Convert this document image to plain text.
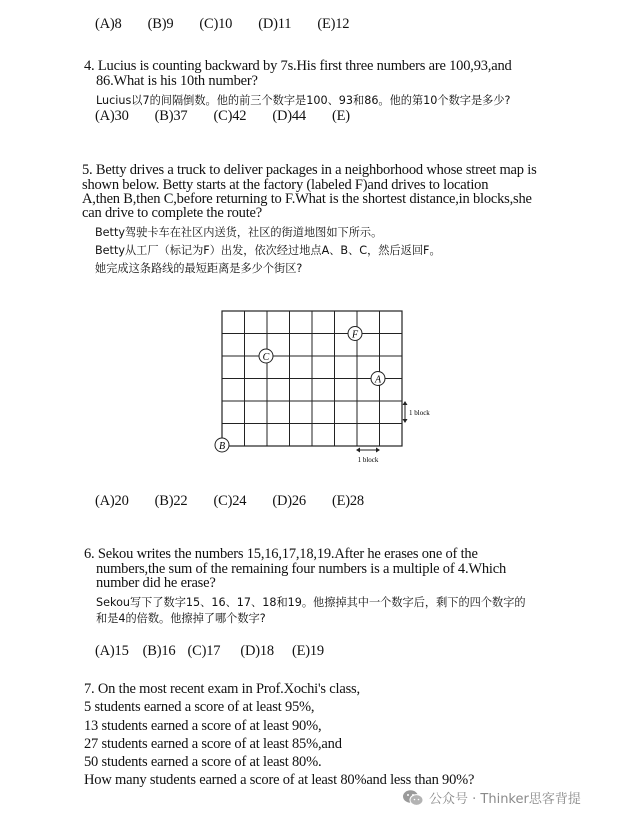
(A)8 (B)9 (C)10 (D)11 (E)12
4. Lucius is counting backward by 7s.His first three numbers are 100,93,and
86.What is his 10th number?
Lucius以7的间隔倒数。他的前三个数字是100、93和86。他的第10个数字是多少?
(A)30 (B)37 (C)42 (D)44 (E)
5. Betty drives a truck to deliver packages in a neighborhood whose street map is
shown below. Betty starts at the factory (labeled F)and drives to location
A,then B,then C,before returning to F.What is the shortest distance,in blocks,she
can drive to complete the route?
Betty驾驶卡车在社区内送货，社区的街道地图如下所示。
Betty从工厂（标记为F）出发，依次经过地点A、B、C，然后返回F。
她完成这条路线的最短距离是多少个街区?
F
C
A
B
1 block
1 block
(A)20 (B)22 (C)24 (D)26 (E)28
6. Sekou writes the numbers 15,16,17,18,19.After he erases one of the
numbers,the sum of the remaining four numbers is a multiple of 4.Which
number did he erase?
Sekou写下了数字15、16、17、18和19。他擦掉其中一个数字后，剩下的四个数字的
和是4的倍数。他擦掉了哪个数字?
(A)15 (B)16 (C)17 (D)18 (E)19
7. On the most recent exam in Prof.Xochi's class,
5 students earned a score of at least 95%,
13 students earned a score of at least 90%,
27 students earned a score of at least 85%,and
50 students earned a score of at least 80%.
How many students earned a score of at least 80%and less than 90%?
公众号 · Thinker思客背提
